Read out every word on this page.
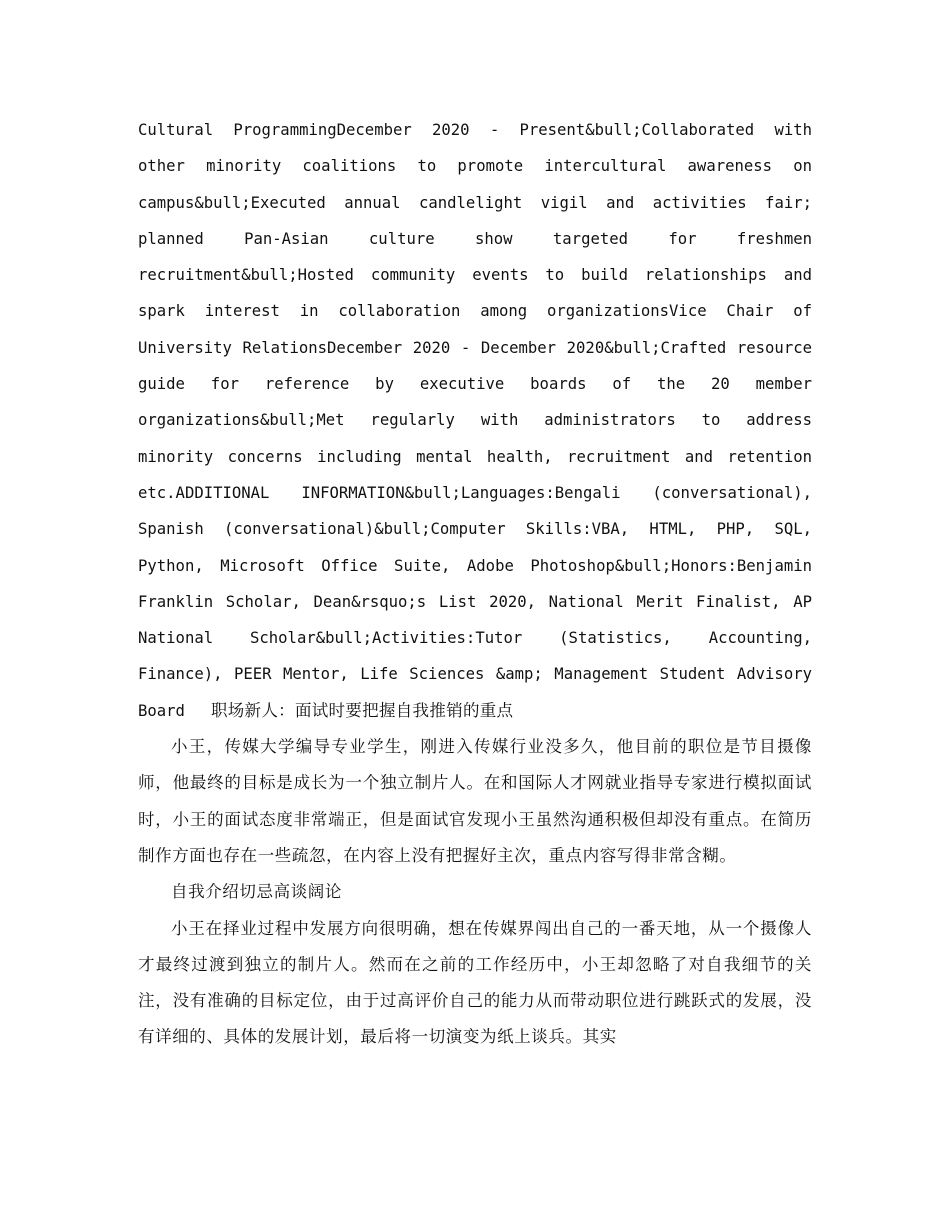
Cultural ProgrammingDecember 2020 - Present&bull;Collaborated with other minority coalitions to promote intercultural awareness on campus&bull;Executed annual candlelight vigil and activities fair; planned Pan-Asian culture show targeted for freshmen recruitment&bull;Hosted community events to build relationships and spark interest in collaboration among organizationsVice Chair of University RelationsDecember 2020 - December 2020&bull;Crafted resource guide for reference by executive boards of the 20 member organizations&bull;Met regularly with administrators to address minority concerns including mental health, recruitment and retention etc.ADDITIONAL INFORMATION&bull;Languages:Bengali (conversational), Spanish (conversational)&bull;Computer Skills:VBA, HTML, PHP, SQL, Python, Microsoft Office Suite, Adobe Photoshop&bull;Honors:Benjamin Franklin Scholar, Dean&rsquo;s List 2020, National Merit Finalist, AP National Scholar&bull;Activities:Tutor (Statistics, Accounting, Finance), PEER Mentor, Life Sciences &amp; Management Student Advisory Board 职场新人：面试时要把握自我推销的重点

小王，传媒大学编导专业学生，刚进入传媒行业没多久，他目前的职位是节目摄像师，他最终的目标是成长为一个独立制片人。在和国际人才网就业指导专家进行模拟面试时，小王的面试态度非常端正，但是面试官发现小王虽然沟通积极但却没有重点。在简历制作方面也存在一些疏忽，在内容上没有把握好主次，重点内容写得非常含糊。

自我介绍切忌高谈阔论

小王在择业过程中发展方向很明确，想在传媒界闯出自己的一番天地，从一个摄像人才最终过渡到独立的制片人。然而在之前的工作经历中，小王却忽略了对自我细节的关注，没有准确的目标定位，由于过高评价自己的能力从而带动职位进行跳跃式的发展，没有详细的、具体的发展计划，最后将一切演变为纸上谈兵。其实
